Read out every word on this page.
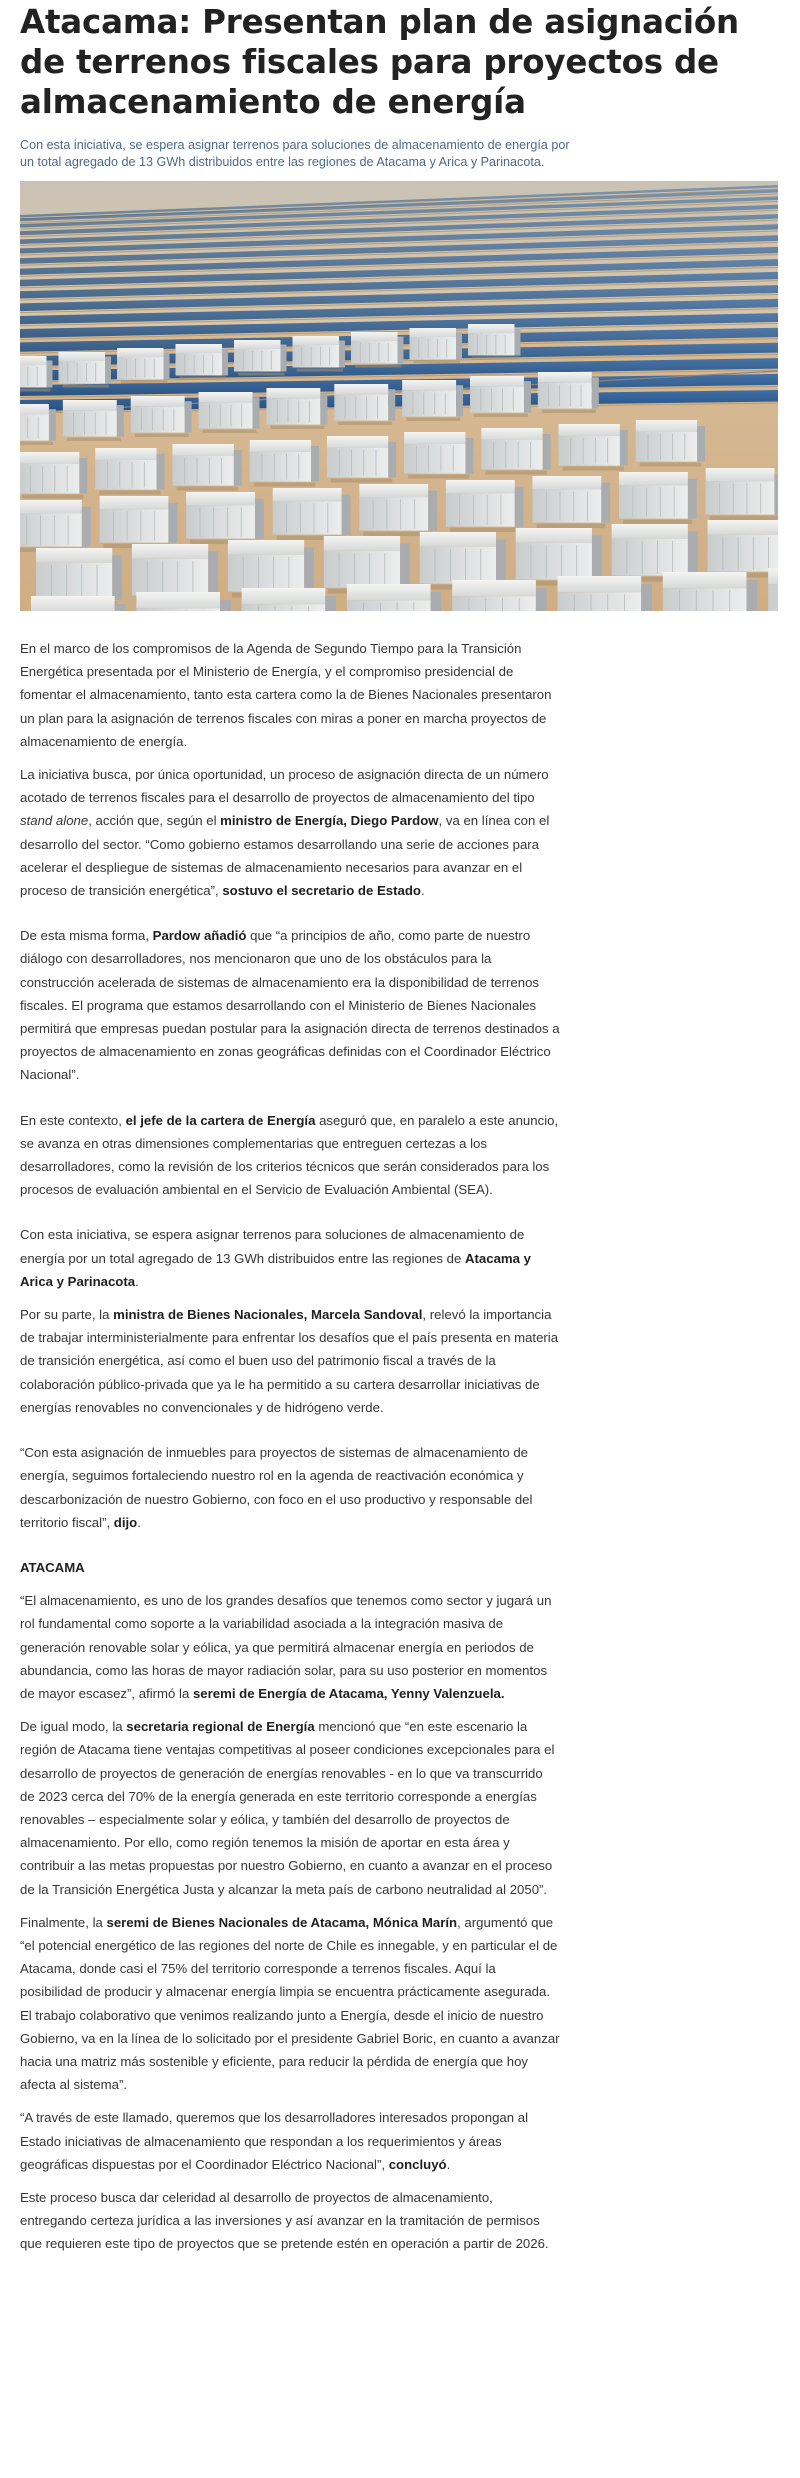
Atacama: Presentan plan de asignación de terrenos fiscales para proyectos de almacenamiento de energía

Con esta iniciativa, se espera asignar terrenos para soluciones de almacenamiento de energía por un total agregado de 13 GWh distribuidos entre las regiones de Atacama y Arica y Parinacota.

En el marco de los compromisos de la Agenda de Segundo Tiempo para la Transición Energética presentada por el Ministerio de Energía, y el compromiso presidencial de fomentar el almacenamiento, tanto esta cartera como la de Bienes Nacionales presentaron un plan para la asignación de terrenos fiscales con miras a poner en marcha proyectos de almacenamiento de energía.

La iniciativa busca, por única oportunidad, un proceso de asignación directa de un número acotado de terrenos fiscales para el desarrollo de proyectos de almacenamiento del tipo stand alone, acción que, según el ministro de Energía, Diego Pardow, va en línea con el desarrollo del sector. “Como gobierno estamos desarrollando una serie de acciones para acelerar el despliegue de sistemas de almacenamiento necesarios para avanzar en el proceso de transición energética”, sostuvo el secretario de Estado.

De esta misma forma, Pardow añadió que “a principios de año, como parte de nuestro diálogo con desarrolladores, nos mencionaron que uno de los obstáculos para la construcción acelerada de sistemas de almacenamiento era la disponibilidad de terrenos fiscales. El programa que estamos desarrollando con el Ministerio de Bienes Nacionales permitirá que empresas puedan postular para la asignación directa de terrenos destinados a proyectos de almacenamiento en zonas geográficas definidas con el Coordinador Eléctrico Nacional”.

En este contexto, el jefe de la cartera de Energía aseguró que, en paralelo a este anuncio, se avanza en otras dimensiones complementarias que entreguen certezas a los desarrolladores, como la revisión de los criterios técnicos que serán considerados para los procesos de evaluación ambiental en el Servicio de Evaluación Ambiental (SEA).

Con esta iniciativa, se espera asignar terrenos para soluciones de almacenamiento de energía por un total agregado de 13 GWh distribuidos entre las regiones de Atacama y Arica y Parinacota.

Por su parte, la ministra de Bienes Nacionales, Marcela Sandoval, relevó la importancia de trabajar interministerialmente para enfrentar los desafíos que el país presenta en materia de transición energética, así como el buen uso del patrimonio fiscal a través de la colaboración público-privada que ya le ha permitido a su cartera desarrollar iniciativas de energías renovables no convencionales y de hidrógeno verde.

“Con esta asignación de inmuebles para proyectos de sistemas de almacenamiento de energía, seguimos fortaleciendo nuestro rol en la agenda de reactivación económica y descarbonización de nuestro Gobierno, con foco en el uso productivo y responsable del territorio fiscal”, dijo.

ATACAMA

“El almacenamiento, es uno de los grandes desafíos que tenemos como sector y jugará un rol fundamental como soporte a la variabilidad asociada a la integración masiva de generación renovable solar y eólica, ya que permitirá almacenar energía en periodos de abundancia, como las horas de mayor radiación solar, para su uso posterior en momentos de mayor escasez”, afirmó la seremi de Energía de Atacama, Yenny Valenzuela.

De igual modo, la secretaria regional de Energía mencionó que “en este escenario la región de Atacama tiene ventajas competitivas al poseer condiciones excepcionales para el desarrollo de proyectos de generación de energías renovables - en lo que va transcurrido de 2023 cerca del 70% de la energía generada en este territorio corresponde a energías renovables – especialmente solar y eólica, y también del desarrollo de proyectos de almacenamiento. Por ello, como región tenemos la misión de aportar en esta área y contribuir a las metas propuestas por nuestro Gobierno, en cuanto a avanzar en el proceso de la Transición Energética Justa y alcanzar la meta país de carbono neutralidad al 2050”.

Finalmente, la seremi de Bienes Nacionales de Atacama, Mónica Marín, argumentó que “el potencial energético de las regiones del norte de Chile es innegable, y en particular el de Atacama, donde casi el 75% del territorio corresponde a terrenos fiscales. Aquí la posibilidad de producir y almacenar energía limpia se encuentra prácticamente asegurada. El trabajo colaborativo que venimos realizando junto a Energía, desde el inicio de nuestro Gobierno, va en la línea de lo solicitado por el presidente Gabriel Boric, en cuanto a avanzar hacia una matriz más sostenible y eficiente, para reducir la pérdida de energía que hoy afecta al sistema”.

“A través de este llamado, queremos que los desarrolladores interesados propongan al Estado iniciativas de almacenamiento que respondan a los requerimientos y áreas geográficas dispuestas por el Coordinador Eléctrico Nacional”, concluyó.

Este proceso busca dar celeridad al desarrollo de proyectos de almacenamiento, entregando certeza jurídica a las inversiones y así avanzar en la tramitación de permisos que requieren este tipo de proyectos que se pretende estén en operación a partir de 2026.
